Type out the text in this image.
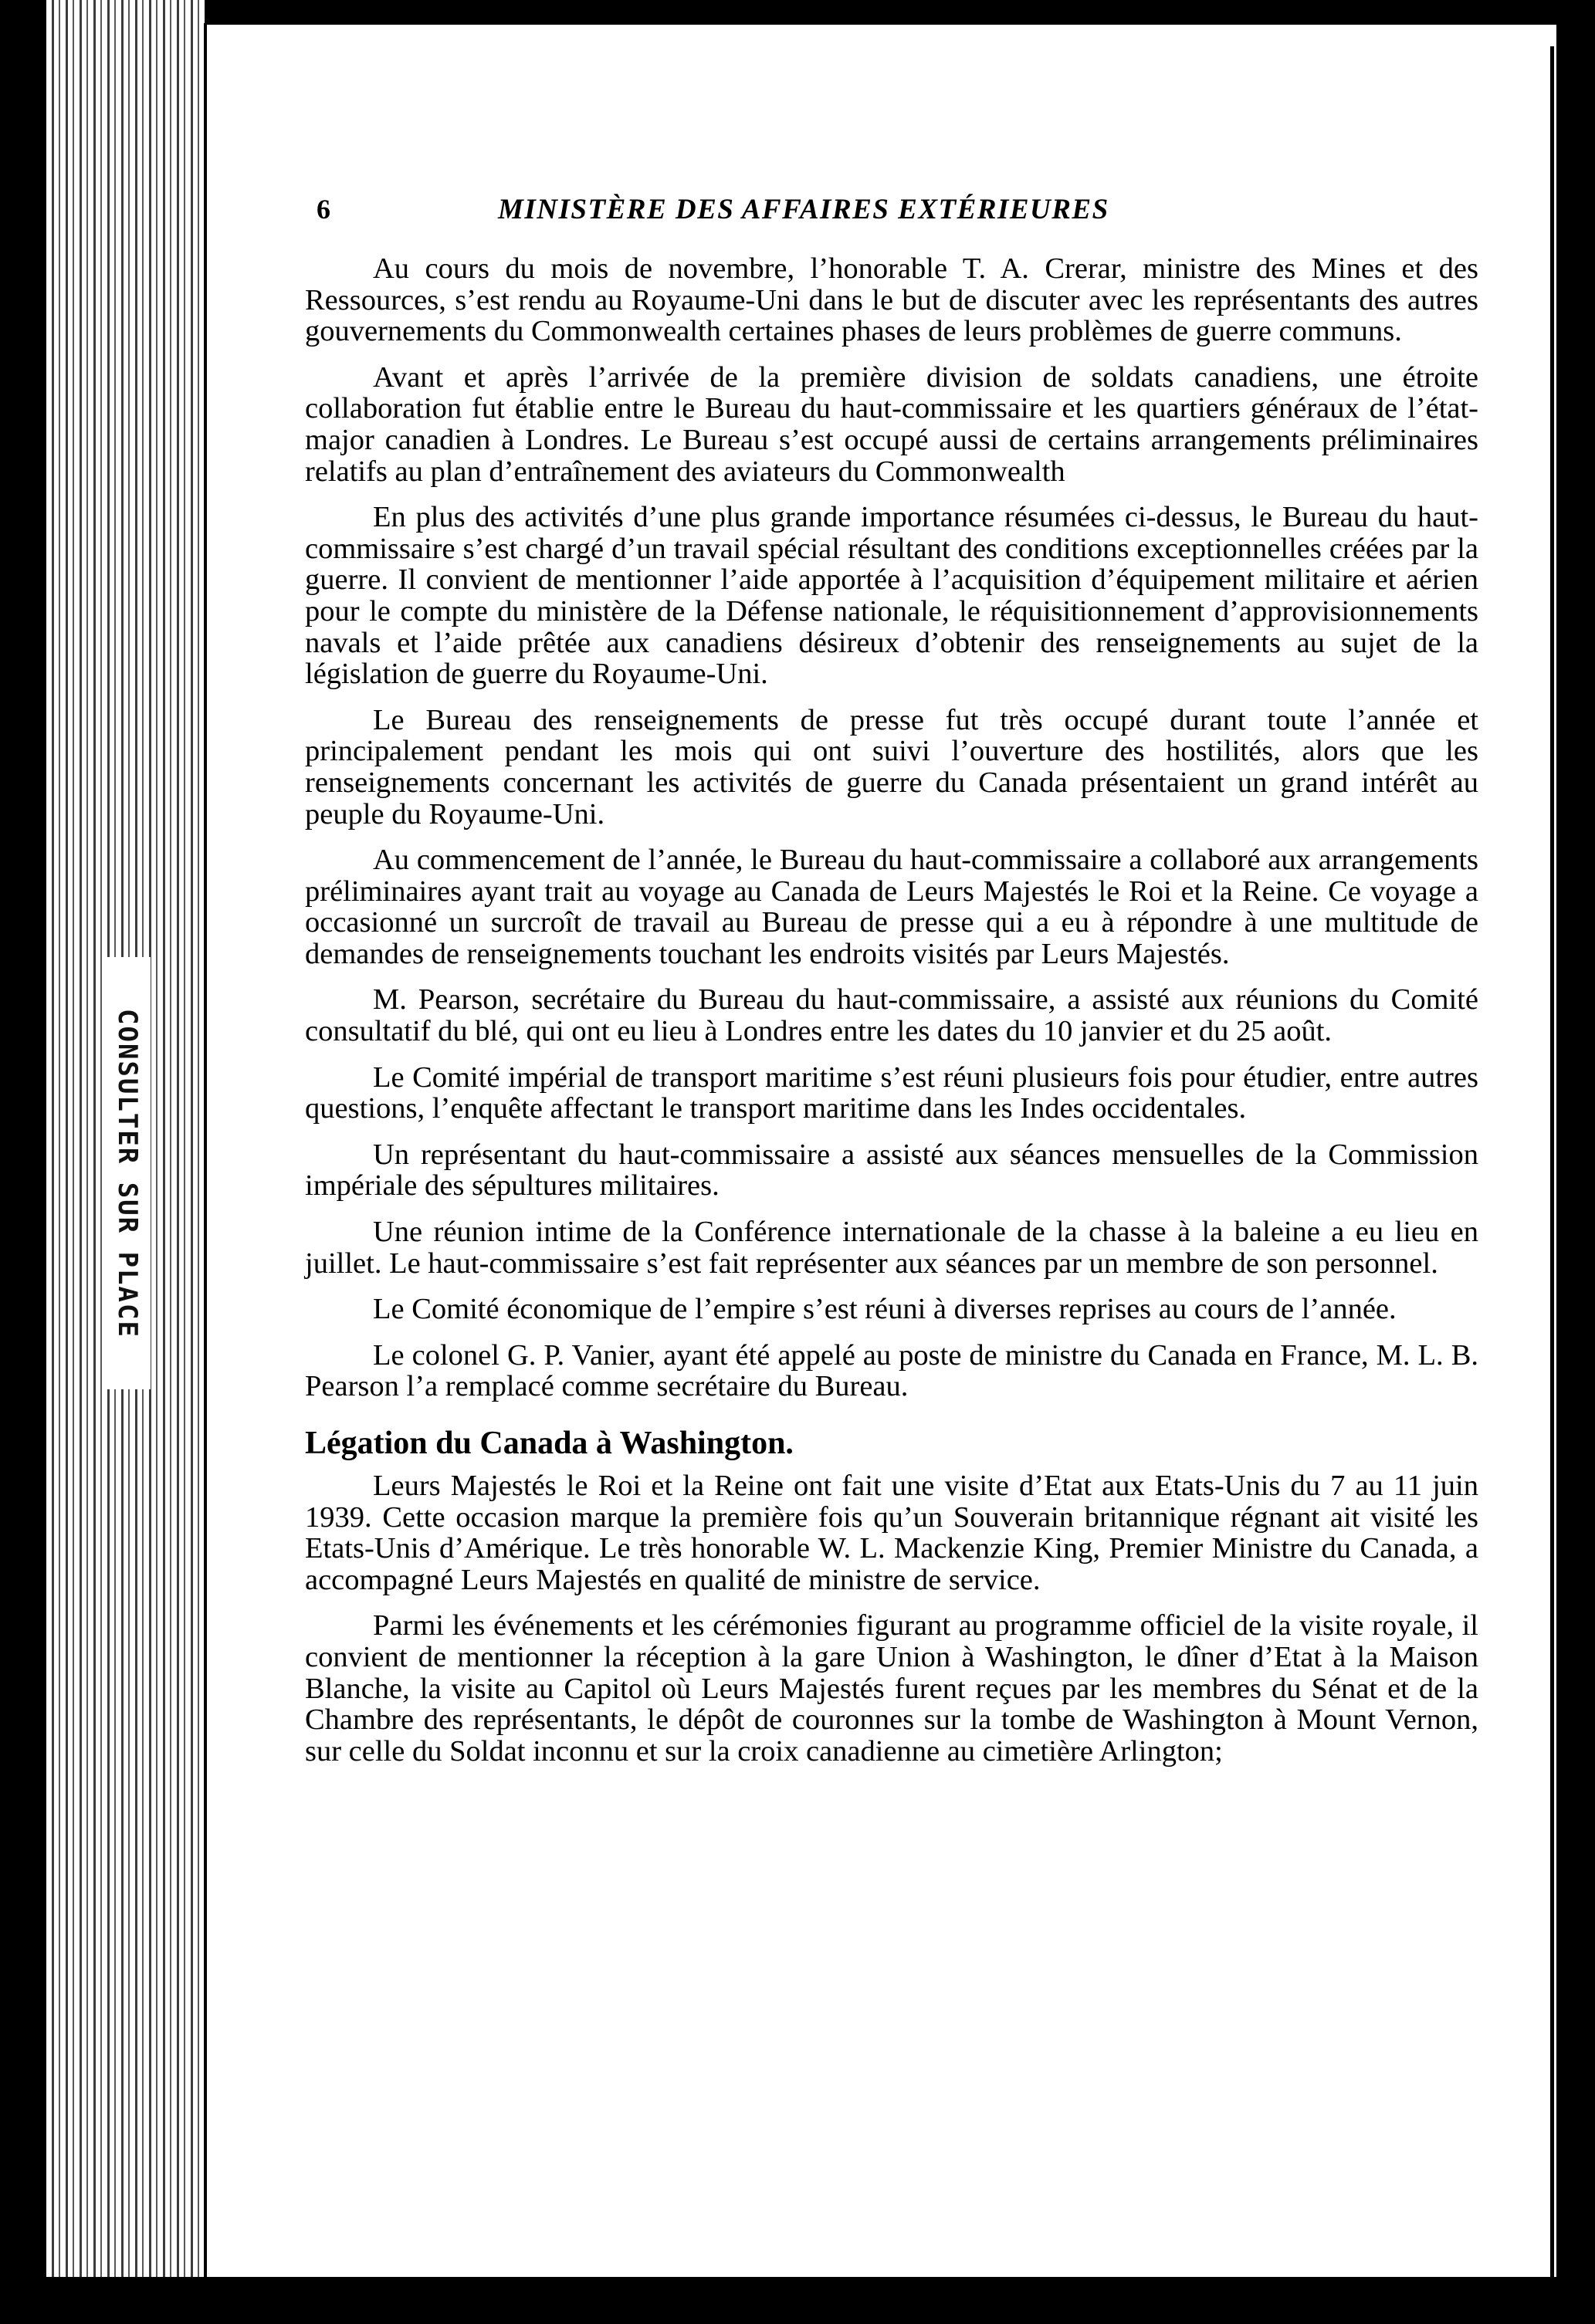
CONSULTER SUR PLACE
6	MINISTÈRE DES AFFAIRES EXTÉRIEURES

Au cours du mois de novembre, l’honorable T. A. Crerar, ministre des Mines et des Ressources, s’est rendu au Royaume-Uni dans le but de discuter avec les représentants des autres gouvernements du Commonwealth certaines phases de leurs problèmes de guerre communs.

Avant et après l’arrivée de la première division de soldats canadiens, une étroite collaboration fut établie entre le Bureau du haut-commissaire et les quartiers généraux de l’état-major canadien à Londres. Le Bureau s’est occupé aussi de certains arrangements préliminaires relatifs au plan d’entraînement des aviateurs du Commonwealth

En plus des activités d’une plus grande importance résumées ci-dessus, le Bureau du haut-commissaire s’est chargé d’un travail spécial résultant des conditions exceptionnelles créées par la guerre. Il convient de mentionner l’aide apportée à l’acquisition d’équipement militaire et aérien pour le compte du ministère de la Défense nationale, le réquisitionnement d’approvisionnements navals et l’aide prêtée aux canadiens désireux d’obtenir des renseignements au sujet de la législation de guerre du Royaume-Uni.

Le Bureau des renseignements de presse fut très occupé durant toute l’année et principalement pendant les mois qui ont suivi l’ouverture des hostilités, alors que les renseignements concernant les activités de guerre du Canada présentaient un grand intérêt au peuple du Royaume-Uni.

Au commencement de l’année, le Bureau du haut-commissaire a collaboré aux arrangements préliminaires ayant trait au voyage au Canada de Leurs Majestés le Roi et la Reine. Ce voyage a occasionné un surcroît de travail au Bureau de presse qui a eu à répondre à une multitude de demandes de renseignements touchant les endroits visités par Leurs Majestés.

M. Pearson, secrétaire du Bureau du haut-commissaire, a assisté aux réunions du Comité consultatif du blé, qui ont eu lieu à Londres entre les dates du 10 janvier et du 25 août.

Le Comité impérial de transport maritime s’est réuni plusieurs fois pour étudier, entre autres questions, l’enquête affectant le transport maritime dans les Indes occidentales.

Un représentant du haut-commissaire a assisté aux séances mensuelles de la Commission impériale des sépultures militaires.

Une réunion intime de la Conférence internationale de la chasse à la baleine a eu lieu en juillet. Le haut-commissaire s’est fait représenter aux séances par un membre de son personnel.

Le Comité économique de l’empire s’est réuni à diverses reprises au cours de l’année.

Le colonel G. P. Vanier, ayant été appelé au poste de ministre du Canada en France, M. L. B. Pearson l’a remplacé comme secrétaire du Bureau.

Légation du Canada à Washington.

Leurs Majestés le Roi et la Reine ont fait une visite d’Etat aux Etats-Unis du 7 au 11 juin 1939. Cette occasion marque la première fois qu’un Souverain britannique régnant ait visité les Etats-Unis d’Amérique. Le très honorable W. L. Mackenzie King, Premier Ministre du Canada, a accompagné Leurs Majestés en qualité de ministre de service.

Parmi les événements et les cérémonies figurant au programme officiel de la visite royale, il convient de mentionner la réception à la gare Union à Washington, le dîner d’Etat à la Maison Blanche, la visite au Capitol où Leurs Majestés furent reçues par les membres du Sénat et de la Chambre des représentants, le dépôt de couronnes sur la tombe de Washington à Mount Vernon, sur celle du Soldat inconnu et sur la croix canadienne au cimetière Arlington;

l
l
l
I
I
l
c
u
l
s
e
d
a
d
g
à
